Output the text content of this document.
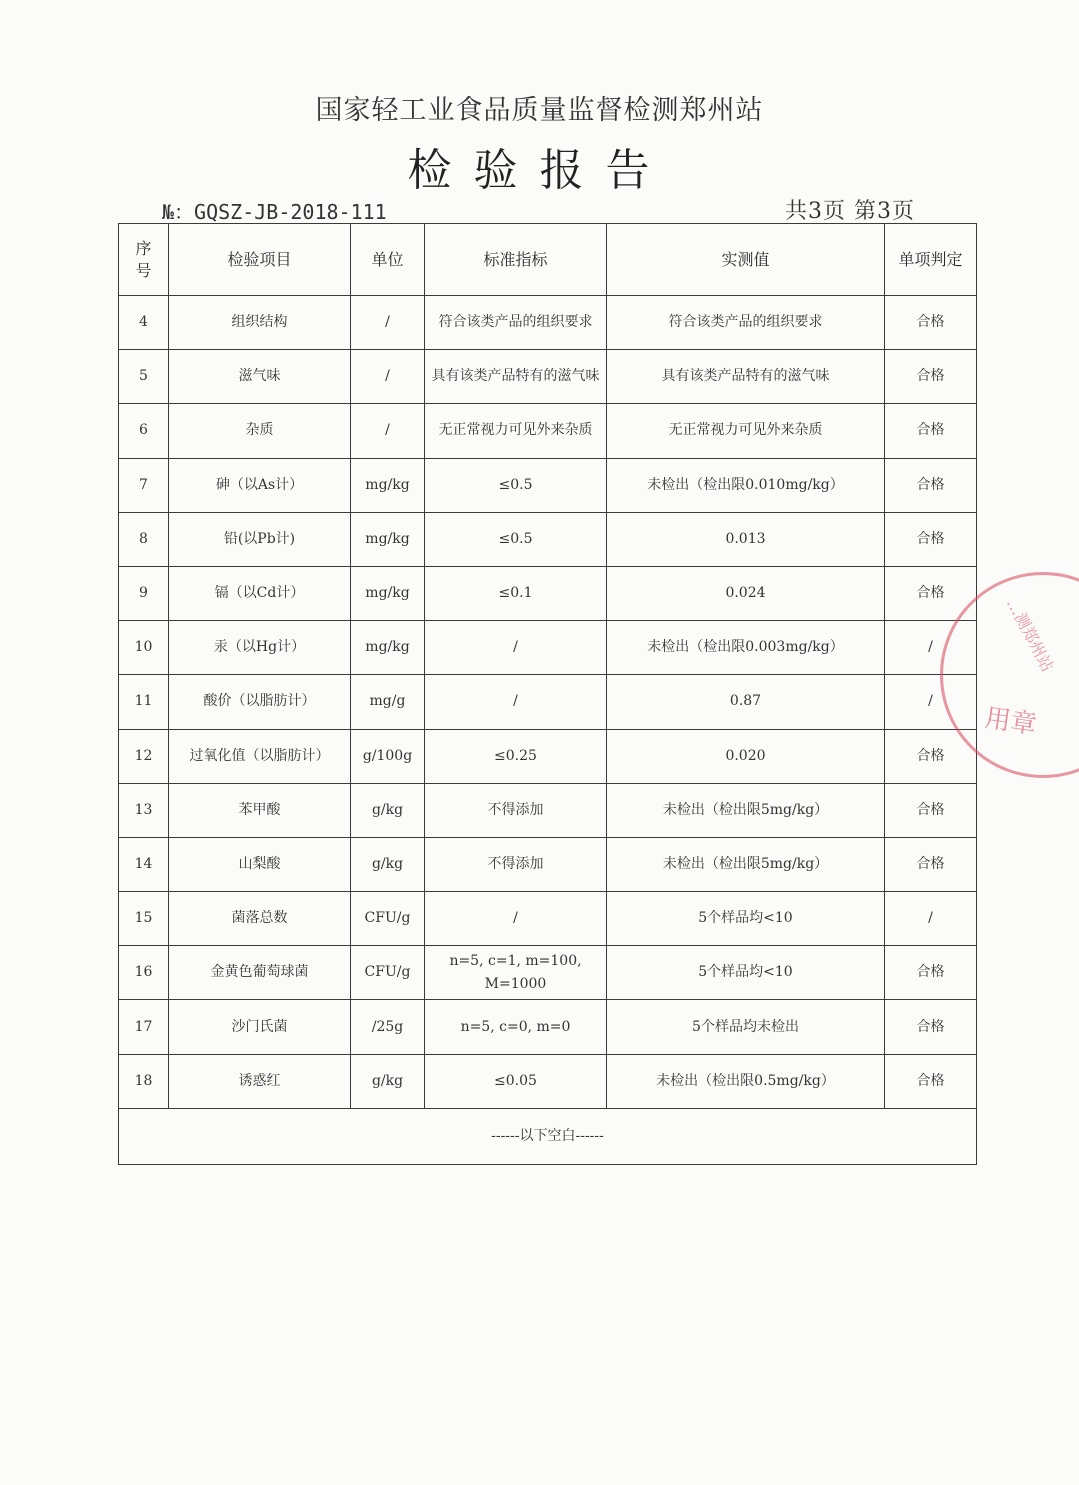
国家轻工业食品质量监督检测郑州站
检验报告
№：GQSZ-JB-2018-111	共3页 第3页
序
号	检验项目	单位	标准指标	实测值	单项判定
4	组织结构	/	符合该类产品的组织要求	符合该类产品的组织要求	合格
5	滋气味	/	具有该类产品特有的滋气味	具有该类产品特有的滋气味	合格
6	杂质	/	无正常视力可见外来杂质	无正常视力可见外来杂质	合格
7	砷（以As计）	mg/kg	≤0.5	未检出（检出限0.010mg/kg）	合格
8	铅(以Pb计)	mg/kg	≤0.5	0.013	合格
9	镉（以Cd计）	mg/kg	≤0.1	0.024	合格
10	汞（以Hg计）	mg/kg	/	未检出（检出限0.003mg/kg）	/
11	酸价（以脂肪计）	mg/g	/	0.87	/
12	过氧化值（以脂肪计）	g/100g	≤0.25	0.020	合格
13	苯甲酸	g/kg	不得添加	未检出（检出限5mg/kg）	合格
14	山梨酸	g/kg	不得添加	未检出（检出限5mg/kg）	合格
15	菌落总数	CFU/g	/	5个样品均<10	/
16	金黄色葡萄球菌	CFU/g	n=5, c=1, m=100, M=1000	5个样品均<10	合格
17	沙门氏菌	/25g	n=5, c=0, m=0	5个样品均未检出	合格
18	诱惑红	g/kg	≤0.05	未检出（检出限0.5mg/kg）	合格
------以下空白------					
…测郑州站
用章
